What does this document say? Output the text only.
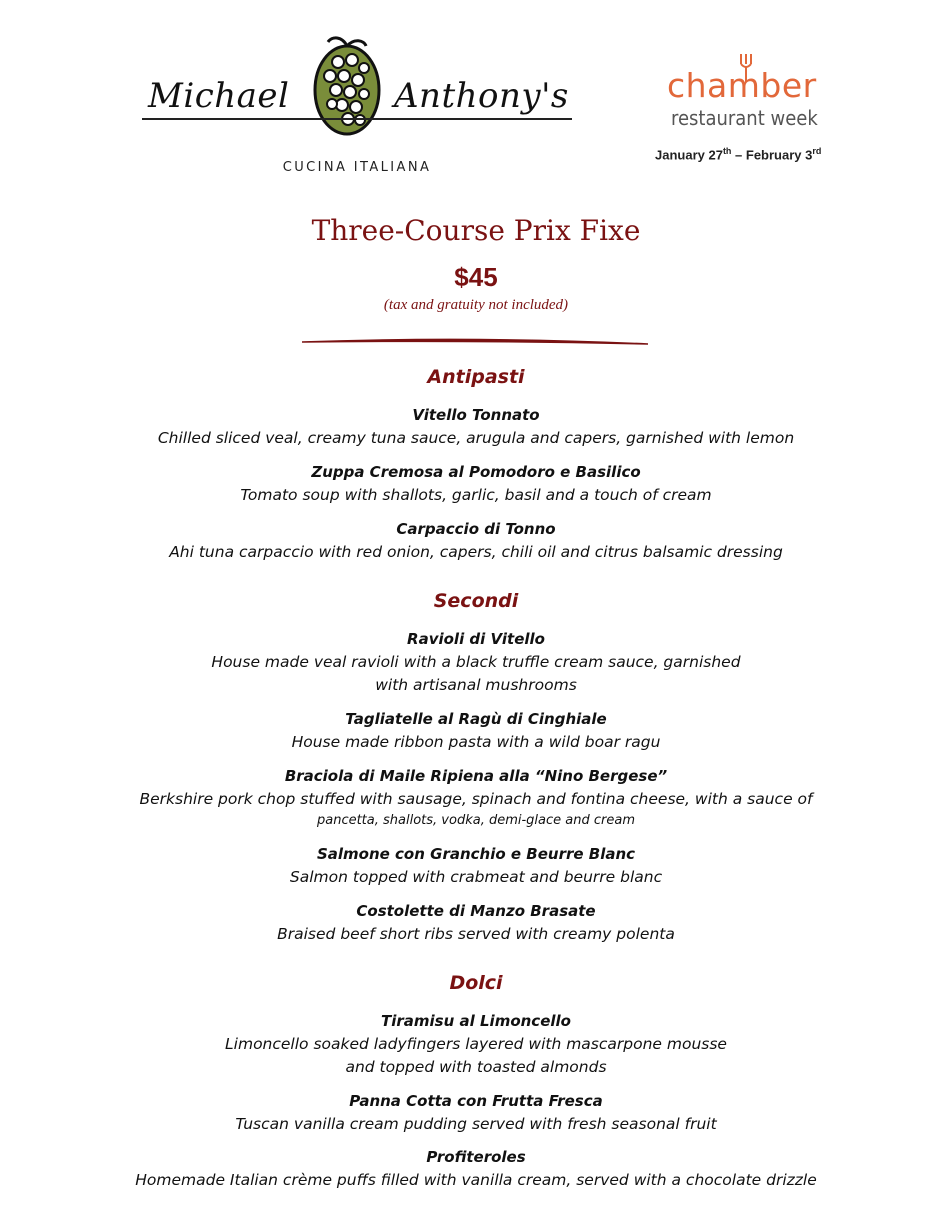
Michael	Anthony's
CUCINA ITALIANA
chamber
restaurant week
January 27th – February 3rd
Three-Course Prix Fixe
$45
(tax and gratuity not included)
Antipasti
Vitello Tonnato
Chilled sliced veal, creamy tuna sauce, arugula and capers, garnished with lemon
Zuppa Cremosa al Pomodoro e Basilico
Tomato soup with shallots, garlic, basil and a touch of cream
Carpaccio di Tonno
Ahi tuna carpaccio with red onion, capers, chili oil and citrus balsamic dressing
Secondi
Ravioli di Vitello
House made veal ravioli with a black truffle cream sauce, garnished
with artisanal mushrooms
Tagliatelle al Ragù di Cinghiale
House made ribbon pasta with a wild boar ragu
Braciola di Maile Ripiena alla “Nino Bergese”
Berkshire pork chop stuffed with sausage, spinach and fontina cheese, with a sauce of
pancetta, shallots, vodka, demi-glace and cream
Salmone con Granchio e Beurre Blanc
Salmon topped with crabmeat and beurre blanc
Costolette di Manzo Brasate
Braised beef short ribs served with creamy polenta
Dolci
Tiramisu al Limoncello
Limoncello soaked ladyfingers layered with mascarpone mousse
and topped with toasted almonds
Panna Cotta con Frutta Fresca
Tuscan vanilla cream pudding served with fresh seasonal fruit
Profiteroles
Homemade Italian crème puffs filled with vanilla cream, served with a chocolate drizzle
